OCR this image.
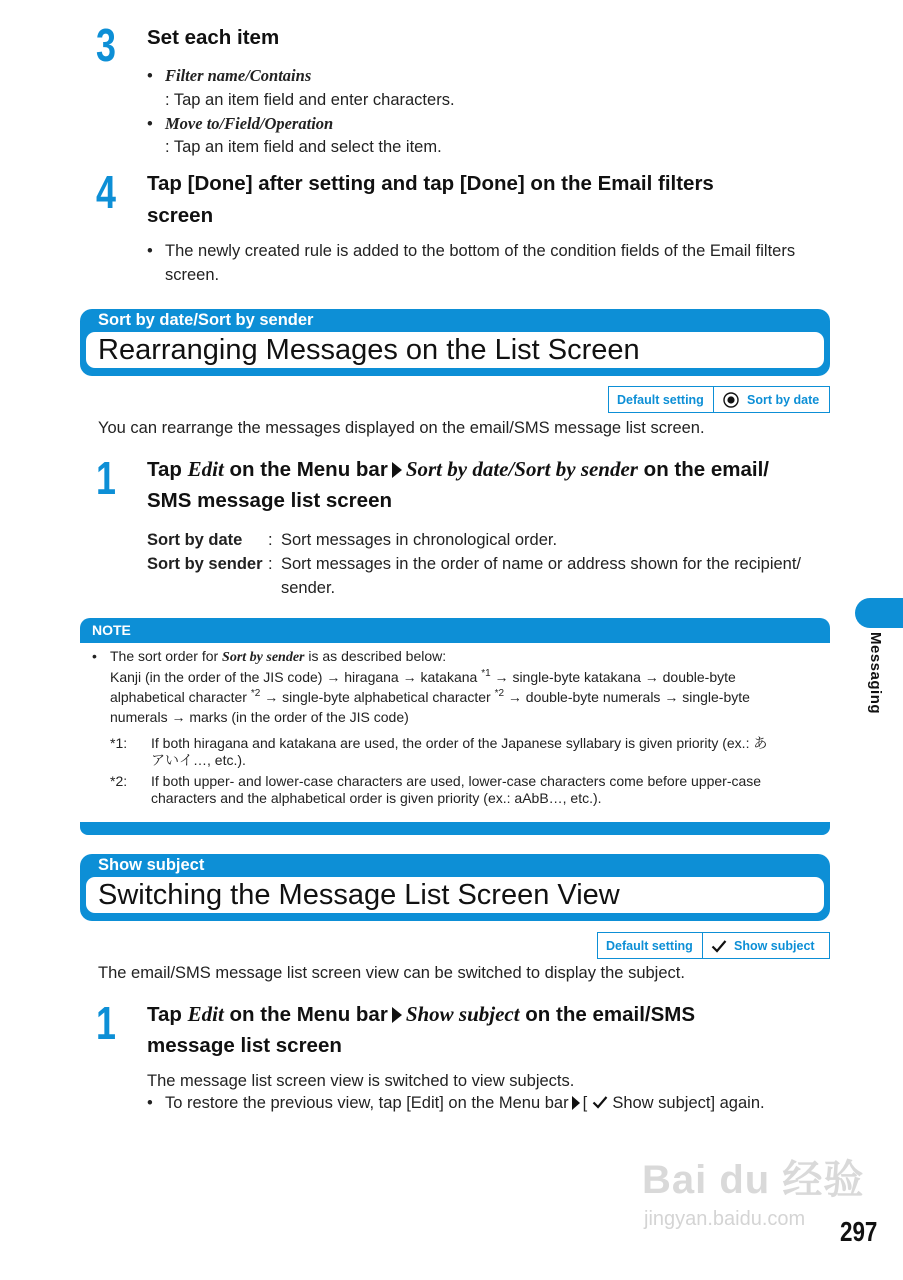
3 Set each item
• Filter name/Contains
: Tap an item field and enter characters.
• Move to/Field/Operation
: Tap an item field and select the item.
4 Tap [Done] after setting and tap [Done] on the Email filters
screen
• The newly created rule is added to the bottom of the condition fields of the Email filters
screen.
Sort by date/Sort by sender
Rearranging Messages on the List Screen
Default setting	Sort by date
You can rearrange the messages displayed on the email/SMS message list screen.
1 Tap Edit on the Menu bar Sort by date/Sort by sender on the email/
SMS message list screen
Sort by date : Sort messages in chronological order.
Sort by sender : Sort messages in the order of name or address shown for the recipient/
sender.
NOTE
• The sort order for Sort by sender is as described below:
Kanji (in the order of the JIS code) → hiragana → katakana $^{*1}$ → single-byte katakana → double-byte
alphabetical character $^{*2}$ → single-byte alphabetical character $^{*2}$ → double-byte numerals → single-byte
numerals → marks (in the order of the JIS code)
*1: If both hiragana and katakana are used, the order of the Japanese syllabary is given priority (ex.: あ
アいイ…, etc.).
*2: If both upper- and lower-case characters are used, lower-case characters come before upper-case
characters and the alphabetical order is given priority (ex.: aAbB…, etc.).
Show subject
Switching the Message List Screen View
Default setting	Show subject
The email/SMS message list screen view can be switched to display the subject.
1 Tap Edit on the Menu bar Show subject on the email/SMS
message list screen
The message list screen view is switched to view subjects.
• To restore the previous view, tap [Edit] on the Menu bar [  Show subject] again.
Messaging
Bai du 经验
jingyan.baidu.com 297
